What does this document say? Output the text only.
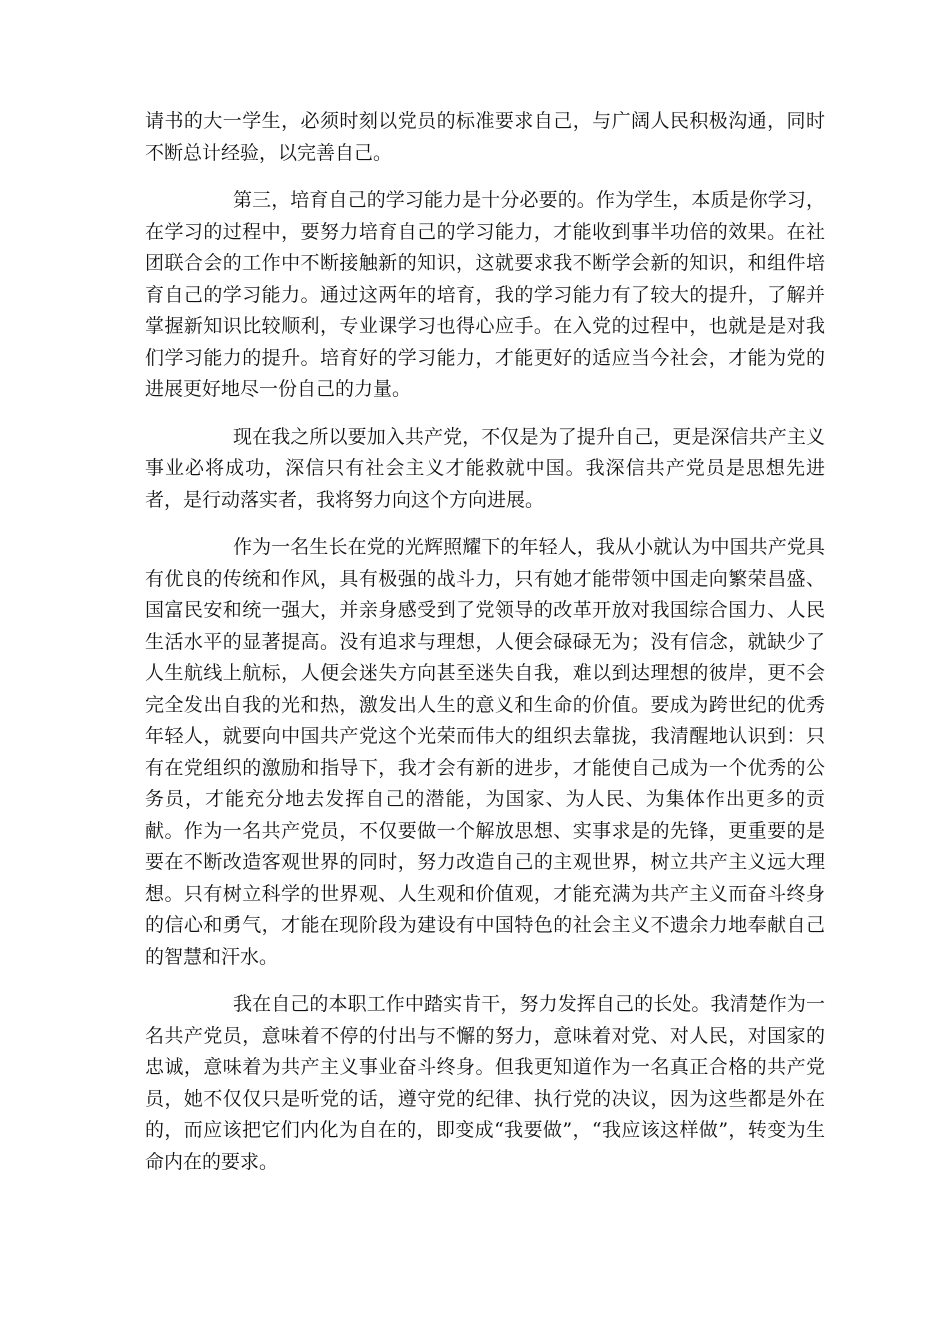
请书的大一学生，必须时刻以党员的标准要求自己，与广阔人民积极沟通，同时不断总计经验，以完善自己。

第三，培育自己的学习能力是十分必要的。作为学生，本质是你学习，在学习的过程中，要努力培育自己的学习能力，才能收到事半功倍的效果。在社团联合会的工作中不断接触新的知识，这就要求我不断学会新的知识，和组件培育自己的学习能力。通过这两年的培育，我的学习能力有了较大的提升，了解并掌握新知识比较顺利，专业课学习也得心应手。在入党的过程中，也就是是对我们学习能力的提升。培育好的学习能力，才能更好的适应当今社会，才能为党的进展更好地尽一份自己的力量。

现在我之所以要加入共产党，不仅是为了提升自己，更是深信共产主义事业必将成功，深信只有社会主义才能救就中国。我深信共产党员是思想先进者，是行动落实者，我将努力向这个方向进展。

作为一名生长在党的光辉照耀下的年轻人，我从小就认为中国共产党具有优良的传统和作风，具有极强的战斗力，只有她才能带领中国走向繁荣昌盛、国富民安和统一强大，并亲身感受到了党领导的改革开放对我国综合国力、人民生活水平的显著提高。没有追求与理想，人便会碌碌无为；没有信念，就缺少了人生航线上航标，人便会迷失方向甚至迷失自我，难以到达理想的彼岸，更不会完全发出自我的光和热，激发出人生的意义和生命的价值。要成为跨世纪的优秀年轻人，就要向中国共产党这个光荣而伟大的组织去靠拢，我清醒地认识到：只有在党组织的激励和指导下，我才会有新的进步，才能使自己成为一个优秀的公务员，才能充分地去发挥自己的潜能，为国家、为人民、为集体作出更多的贡献。作为一名共产党员，不仅要做一个解放思想、实事求是的先锋，更重要的是要在不断改造客观世界的同时，努力改造自己的主观世界，树立共产主义远大理想。只有树立科学的世界观、人生观和价值观，才能充满为共产主义而奋斗终身的信心和勇气，才能在现阶段为建设有中国特色的社会主义不遗余力地奉献自己的智慧和汗水。

我在自己的本职工作中踏实肯干，努力发挥自己的长处。我清楚作为一名共产党员，意味着不停的付出与不懈的努力，意味着对党、对人民，对国家的忠诚，意味着为共产主义事业奋斗终身。但我更知道作为一名真正合格的共产党员，她不仅仅只是听党的话，遵守党的纪律、执行党的决议，因为这些都是外在的，而应该把它们内化为自在的，即变成“我要做”，“我应该这样做”，转变为生命内在的要求。
